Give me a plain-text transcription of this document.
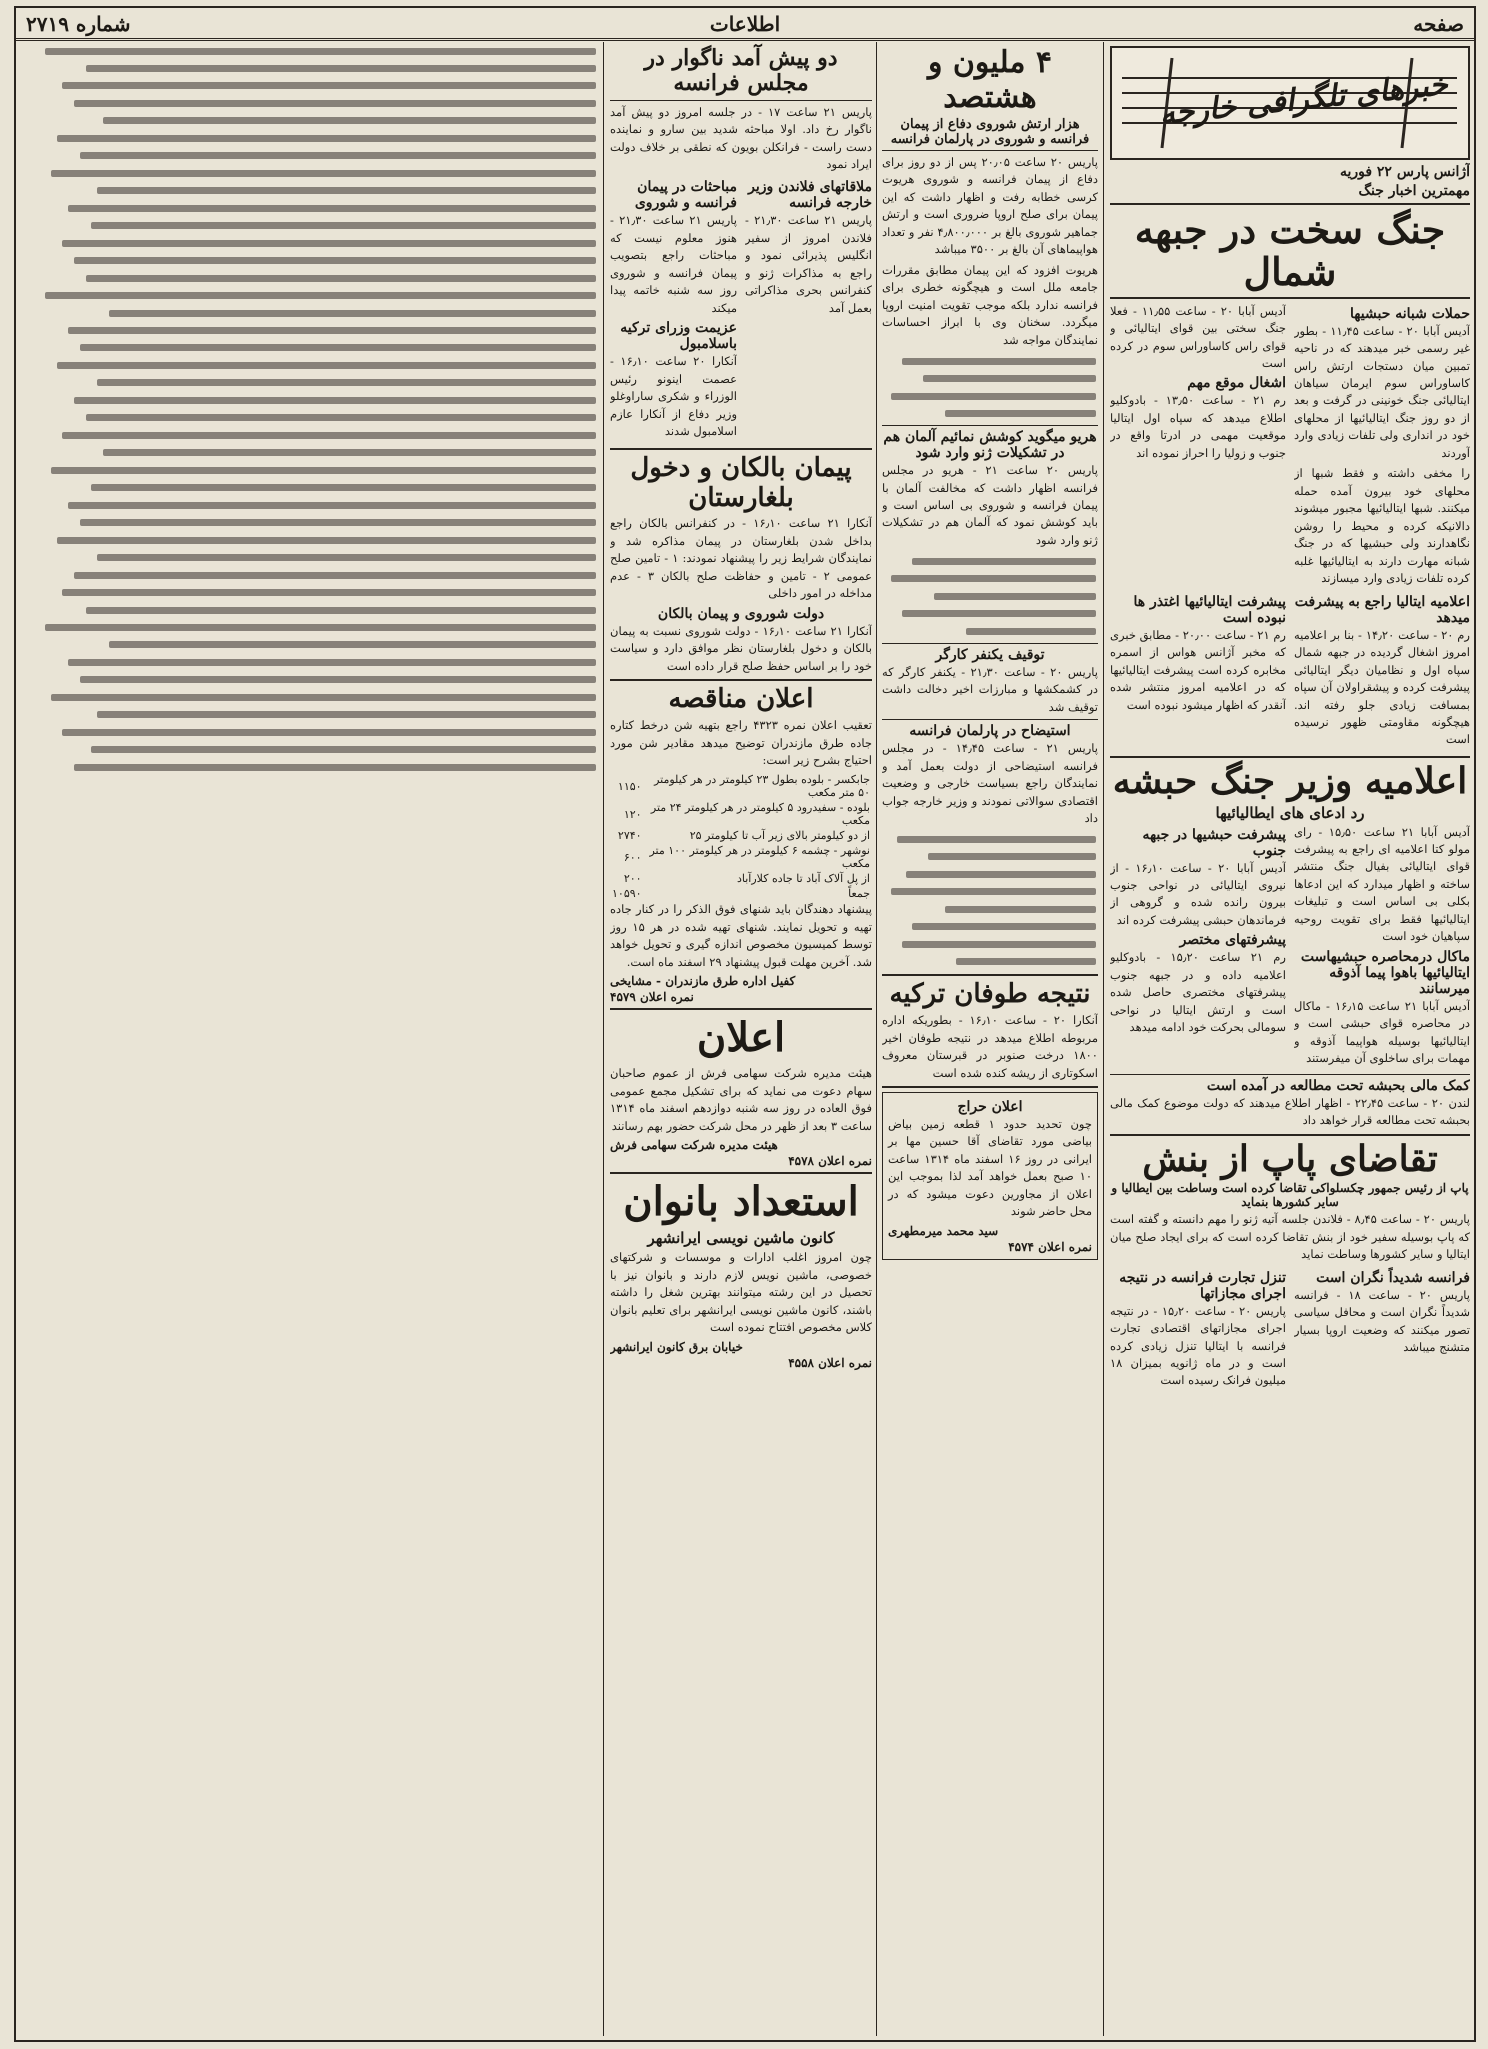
صفحه
اطلاعات
شماره ۲۷۱۹
خبرهای تلگرافی خارجه
آژانس پارس ۲۲ فوریه
مهمترین اخبار جنگ
جنگ سخت در جبهه شمال
حملات شبانه حبشیها

آدیس آبابا ۲۰ - ساعت ۱۱٫۴۵ - بطور غیر رسمی خبر میدهند که در ناحیه تمبین میان دستجات ارتش راس کاساوراس سوم ایرمان سیاهان ایتالیائی جنگ خونینی در گرفت و بعد از دو روز جنگ ایتالیائیها از محلهای خود در انداری ولی تلفات زیادی وارد آوردند

را مخفی داشته و فقط شبها از محلهای خود بیرون آمده حمله میکنند. شبها ایتالیائیها مجبور میشوند دالانیکه کرده و محیط را روشن نگاهدارند ولی حبشیها که در جنگ شبانه مهارت دارند به ایتالیائیها غلبه کرده تلفات زیادی وارد میسازند

آدیس آبابا ۲۰ - ساعت ۱۱٫۵۵ - فعلا جنگ سختی بین قوای ایتالیائی و قوای راس کاساوراس سوم در کرده است

اشغال موقع مهم

رم ۲۱ - ساعت ۱۳٫۵۰ - بادوکلیو اطلاع میدهد که سپاه اول ایتالیا موقعیت مهمی در ادرتا واقع در جنوب و زولیا را احراز نموده اند

اعلامیه ایتالیا راجع به پیشرفت میدهد

رم ۲۰ - ساعت ۱۴٫۲۰ - بنا بر اعلامیه امروز اشغال گردیده در جبهه شمال سپاه اول و نظامیان دیگر ایتالیائی پیشرفت کرده و پیشقراولان آن سپاه بمسافت زیادی جلو رفته اند. هیچگونه مقاومتی ظهور نرسیده است

پیشرفت ایتالیائیها اغتذر ها نبوده است

رم ۲۱ - ساعت ۲۰٫۰۰ - مطابق خبری که مخبر آژانس هواس از اسمره مخابره کرده است پیشرفت ایتالیائیها که در اعلامیه امروز منتشر شده آنقدر که اظهار میشود نبوده است

اعلامیه وزیر جنگ حبشه
رد ادعای های ایطالیائیها

آدیس آبابا ۲۱ ساعت ۱۵٫۵۰ - رای مولو کتا اعلامیه ای راجع به پیشرفت قوای ایتالیائی بفیال جنگ منتشر ساخته و اظهار میدارد که این ادعاها بکلی بی اساس است و تبلیغات ایتالیائیها فقط برای تقویت روحیه سپاهیان خود است

ماکال درمحاصره حبشیهاست ایتالیائیها باهوا پیما آذوقه میرسانند

آدیس آبابا ۲۱ ساعت ۱۶٫۱۵ - ماکال در محاصره قوای حبشی است و ایتالیائیها بوسیله هواپیما آذوقه و مهمات برای ساخلوی آن میفرستند

پیشرفت حبشیها در جبهه جنوب

آدیس آبابا ۲۰ - ساعت ۱۶٫۱۰ - از نیروی ایتالیائی در نواحی جنوب بیرون رانده شده و گروهی از فرماندهان حبشی پیشرفت کرده اند

پیشرفتهای مختصر

رم ۲۱ ساعت ۱۵٫۲۰ - بادوکلیو اعلامیه داده و در جبهه جنوب پیشرفتهای مختصری حاصل شده است و ارتش ایتالیا در نواحی سومالی بحرکت خود ادامه میدهد

کمک مالی بحبشه تحت مطالعه در آمده است

لندن ۲۰ - ساعت ۲۲٫۴۵ - اظهار اطلاع میدهند که دولت موضوع کمک مالی بحبشه تحت مطالعه قرار خواهد داد

تقاضای پاپ از بنش
پاپ از رئیس جمهور چکسلواکی تقاضا کرده است وساطت بین ایطالیا و سایر کشورها بنماید

پاریس ۲۰ - ساعت ۸٫۴۵ - فلاندن جلسه آتیه ژنو را مهم دانسته و گفته است که پاپ بوسیله سفیر خود از بنش تقاضا کرده است که برای ایجاد صلح میان ایتالیا و سایر کشورها وساطت نماید

فرانسه شدیداً نگران است

پاریس ۲۰ - ساعت ۱۸ - فرانسه شدیداً نگران است و محافل سیاسی تصور میکنند که وضعیت اروپا بسیار متشنج میباشد

تنزل تجارت فرانسه در نتیجه اجرای مجازاتها

پاریس ۲۰ - ساعت ۱۵٫۲۰ - در نتیجه اجرای مجازاتهای اقتصادی تجارت فرانسه با ایتالیا تنزل زیادی کرده است و در ماه ژانویه بمیزان ۱۸ میلیون فرانک رسیده است

۴ ملیون و هشتصد
هزار ارتش شوروی دفاع از پیمان فرانسه و شوروی در پارلمان فرانسه

پاریس ۲۰ ساعت ۲۰٫۰۵ پس از دو روز برای دفاع از پیمان فرانسه و شوروی هریوت کرسی خطابه رفت و اظهار داشت که این پیمان برای صلح اروپا ضروری است و ارتش جماهیر شوروی بالغ بر ۴٫۸۰۰٫۰۰۰ نفر و تعداد هواپیماهای آن بالغ بر ۳۵۰۰ میباشد

هریوت افزود که این پیمان مطابق مقررات جامعه ملل است و هیچگونه خطری برای فرانسه ندارد بلکه موجب تقویت امنیت اروپا میگردد. سخنان وی با ابراز احساسات نمایندگان مواجه شد

هریو میگوید کوشش نمائیم آلمان هم در تشکیلات ژنو وارد شود

پاریس ۲۰ ساعت ۲۱ - هریو در مجلس فرانسه اظهار داشت که مخالفت آلمان با پیمان فرانسه و شوروی بی اساس است و باید کوشش نمود که آلمان هم در تشکیلات ژنو وارد شود

توقیف یکنفر کارگر

پاریس ۲۰ - ساعت ۲۱٫۳۰ - یکنفر کارگر که در کشمکشها و مبارزات اخیر دخالت داشت توقیف شد

استیضاح در پارلمان فرانسه

پاریس ۲۱ - ساعت ۱۴٫۴۵ - در مجلس فرانسه استیضاحی از دولت بعمل آمد و نمایندگان راجع بسیاست خارجی و وضعیت اقتصادی سوالاتی نمودند و وزیر خارجه جواب داد

نتیجه طوفان ترکیه

آنکارا ۲۰ - ساعت ۱۶٫۱۰ - بطوریکه اداره مربوطه اطلاع میدهد در نتیجه طوفان اخیر ۱۸۰۰ درخت صنوبر در قبرستان معروف اسکوتاری از ریشه کنده شده است

اعلان حراج

چون تحدید حدود ۱ قطعه زمین بیاض بیاضی مورد تقاضای آقا حسین مها بر ایرانی در روز ۱۶ اسفند ماه ۱۳۱۴ ساعت ۱۰ صبح بعمل خواهد آمد لذا بموجب این اعلان از مجاورین دعوت میشود که در محل حاضر شوند

سید محمد میرمطهری
نمره اعلان ۴۵۷۴
دو پیش آمد ناگوار در مجلس فرانسه

پاریس ۲۱ ساعت ۱۷ - در جلسه امروز دو پیش آمد ناگوار رخ داد. اولا مباحثه شدید بین سارو و نماینده دست راست - فرانکلن بویون که نطقی بر خلاف دولت ایراد نمود

ملاقاتهای فلاندن وزیر خارجه فرانسه

پاریس ۲۱ ساعت ۲۱٫۳۰ - فلاندن امروز از سفیر انگلیس پذیرائی نمود و راجع به مذاکرات ژنو و کنفرانس بحری مذاکراتی بعمل آمد

مباحثات در پیمان فرانسه و شوروی

پاریس ۲۱ ساعت ۲۱٫۳۰ - هنوز معلوم نیست که مباحثات راجع بتصویب پیمان فرانسه و شوروی روز سه شنبه خاتمه پیدا میکند

عزیمت وزرای ترکیه باسلامبول

آنکارا ۲۰ ساعت ۱۶٫۱۰ - عصمت اینونو رئیس الوزراء و شکری ساراوغلو وزیر دفاع از آنکارا عازم اسلامبول شدند

پیمان بالکان و دخول بلغارستان

آنکارا ۲۱ ساعت ۱۶٫۱۰ - در کنفرانس بالکان راجع بداخل شدن بلغارستان در پیمان مذاکره شد و نمایندگان شرایط زیر را پیشنهاد نمودند: ۱ - تامین صلح عمومی ۲ - تامین و حفاظت صلح بالکان ۳ - عدم مداخله در امور داخلی

دولت شوروی و پیمان بالکان

آنکارا ۲۱ ساعت ۱۶٫۱۰ - دولت شوروی نسبت به پیمان بالکان و دخول بلغارستان نظر موافق دارد و سیاست خود را بر اساس حفظ صلح قرار داده است

اعلان مناقصه

تعقیب اعلان نمره ۴۳۲۳ راجع بتهیه شن درخط کتاره جاده طرق مازندران توضیح میدهد مقادیر شن مورد احتیاج بشرح زیر است:

جابکسر - بلوده بطول ۲۳ کیلومتر در هر کیلومتر ۵۰ متر مکعب	۱۱۵۰
بلوده - سفیدرود ۵ کیلومتر در هر کیلومتر ۲۴ متر مکعب	۱۲۰
از دو کیلومتر بالای زیر آب تا کیلومتر ۲۵	۲۷۴۰
نوشهر - چشمه ۶ کیلومتر در هر کیلومتر ۱۰۰ متر مکعب	۶۰۰
از پل آلاک آباد تا جاده کلارآباد	۲۰۰
جمعاً	۱۰۵۹۰

پیشنهاد دهندگان باید شنهای فوق الذکر را در کنار جاده تهیه و تحویل نمایند. شنهای تهیه شده در هر ۱۵ روز توسط کمیسیون مخصوص اندازه گیری و تحویل خواهد شد. آخرین مهلت قبول پیشنهاد ۲۹ اسفند ماه است.

کفیل اداره طرق مازندران - مشایخی
نمره اعلان ۴۵۷۹
اعلان

هیئت مدیره شرکت سهامی فرش از عموم صاحبان سهام دعوت می نماید که برای تشکیل مجمع عمومی فوق العاده در روز سه شنبه دوازدهم اسفند ماه ۱۳۱۴ ساعت ۳ بعد از ظهر در محل شرکت حضور بهم رسانند

هیئت مدیره شرکت سهامی فرش
نمره اعلان ۴۵۷۸
استعداد بانوان
کانون ماشین نویسی ایرانشهر

چون امروز اغلب ادارات و موسسات و شرکتهای خصوصی، ماشین نویس لازم دارند و بانوان نیز با تحصیل در این رشته میتوانند بهترین شغل را داشته باشند، کانون ماشین نویسی ایرانشهر برای تعلیم بانوان کلاس مخصوص افتتاح نموده است

خیابان برق کانون ایرانشهر
نمره اعلان ۴۵۵۸
